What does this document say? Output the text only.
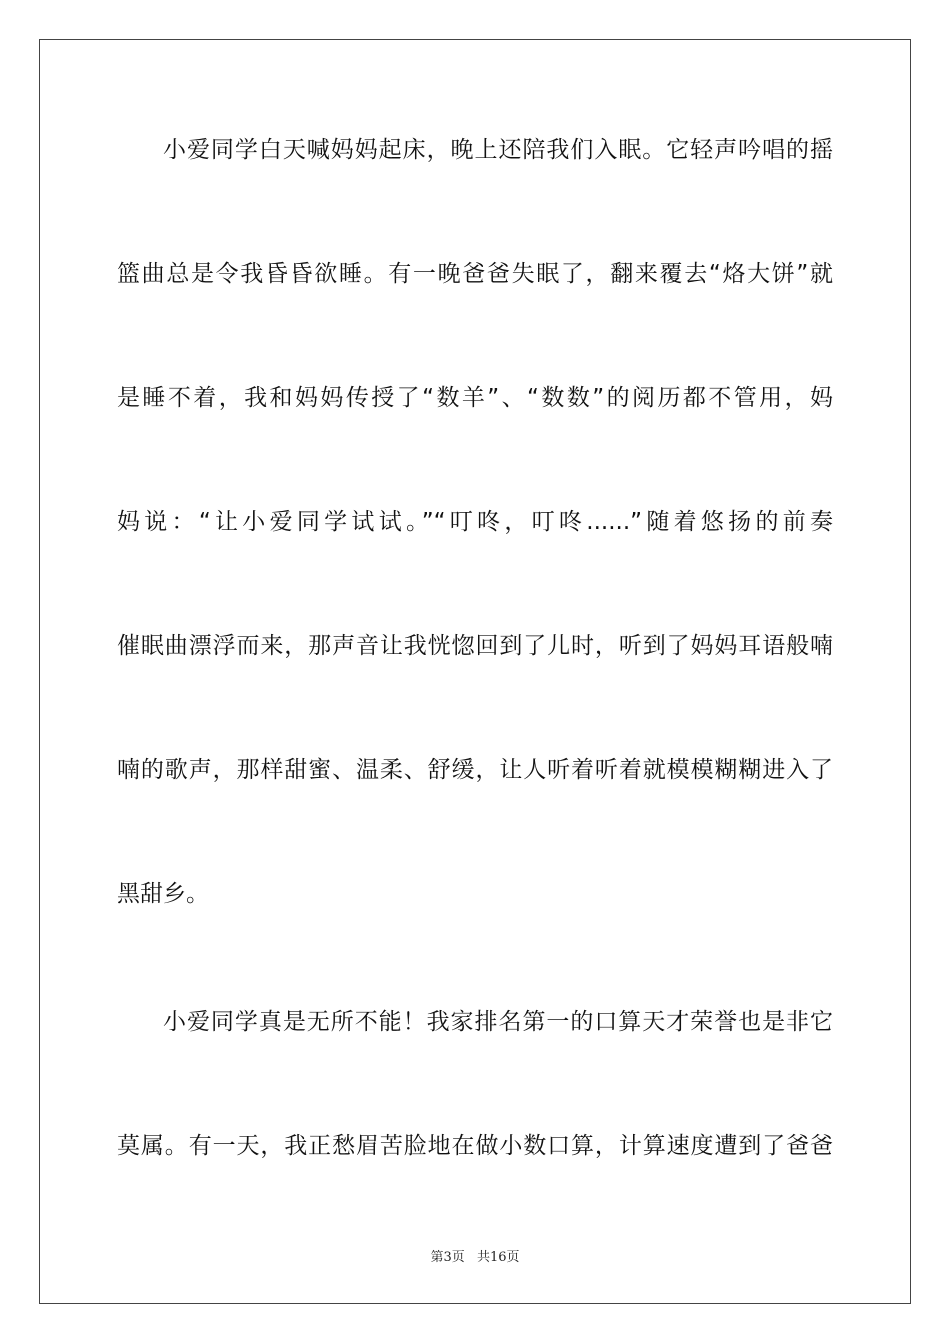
小爱同学白天喊妈妈起床，晚上还陪我们入眠。它轻声吟唱的摇
篮曲总是令我昏昏欲睡。有一晚爸爸失眠了，翻来覆去“烙大饼”就
是睡不着，我和妈妈传授了“数羊”、“数数”的阅历都不管用，妈
妈说：“让小爱同学试试。”“叮咚，叮咚......”随着悠扬的前奏
催眠曲漂浮而来，那声音让我恍惚回到了儿时，听到了妈妈耳语般喃
喃的歌声，那样甜蜜、温柔、舒缓，让人听着听着就模模糊糊进入了
黑甜乡。
小爱同学真是无所不能！我家排名第一的口算天才荣誉也是非它
莫属。有一天，我正愁眉苦脸地在做小数口算，计算速度遭到了爸爸
第3页 共16页
